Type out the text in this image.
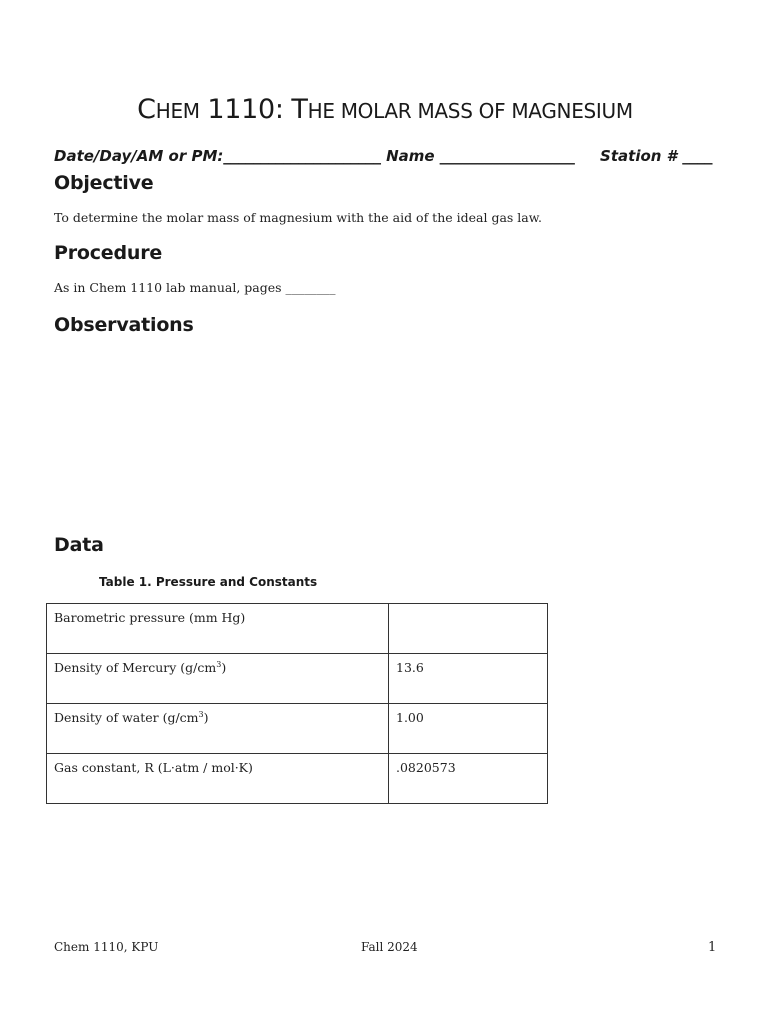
CHEM 1110: THE MOLAR MASS OF MAGNESIUM
Date/Day/AM or PM:_____________________ Name __________________ Station # ____
Objective
To determine the molar mass of magnesium with the aid of the ideal gas law.
Procedure
As in Chem 1110 lab manual, pages ________
Observations
Data
Table 1. Pressure and Constants
Barometric pressure (mm Hg)	
Density of Mercury $(g/cm^3)$	13.6
Density of water $(g/cm^3)$	1.00
Gas constant, R (L·atm / mol·K)	.0820573
Chem 1110, KPU	Fall 2024	1
